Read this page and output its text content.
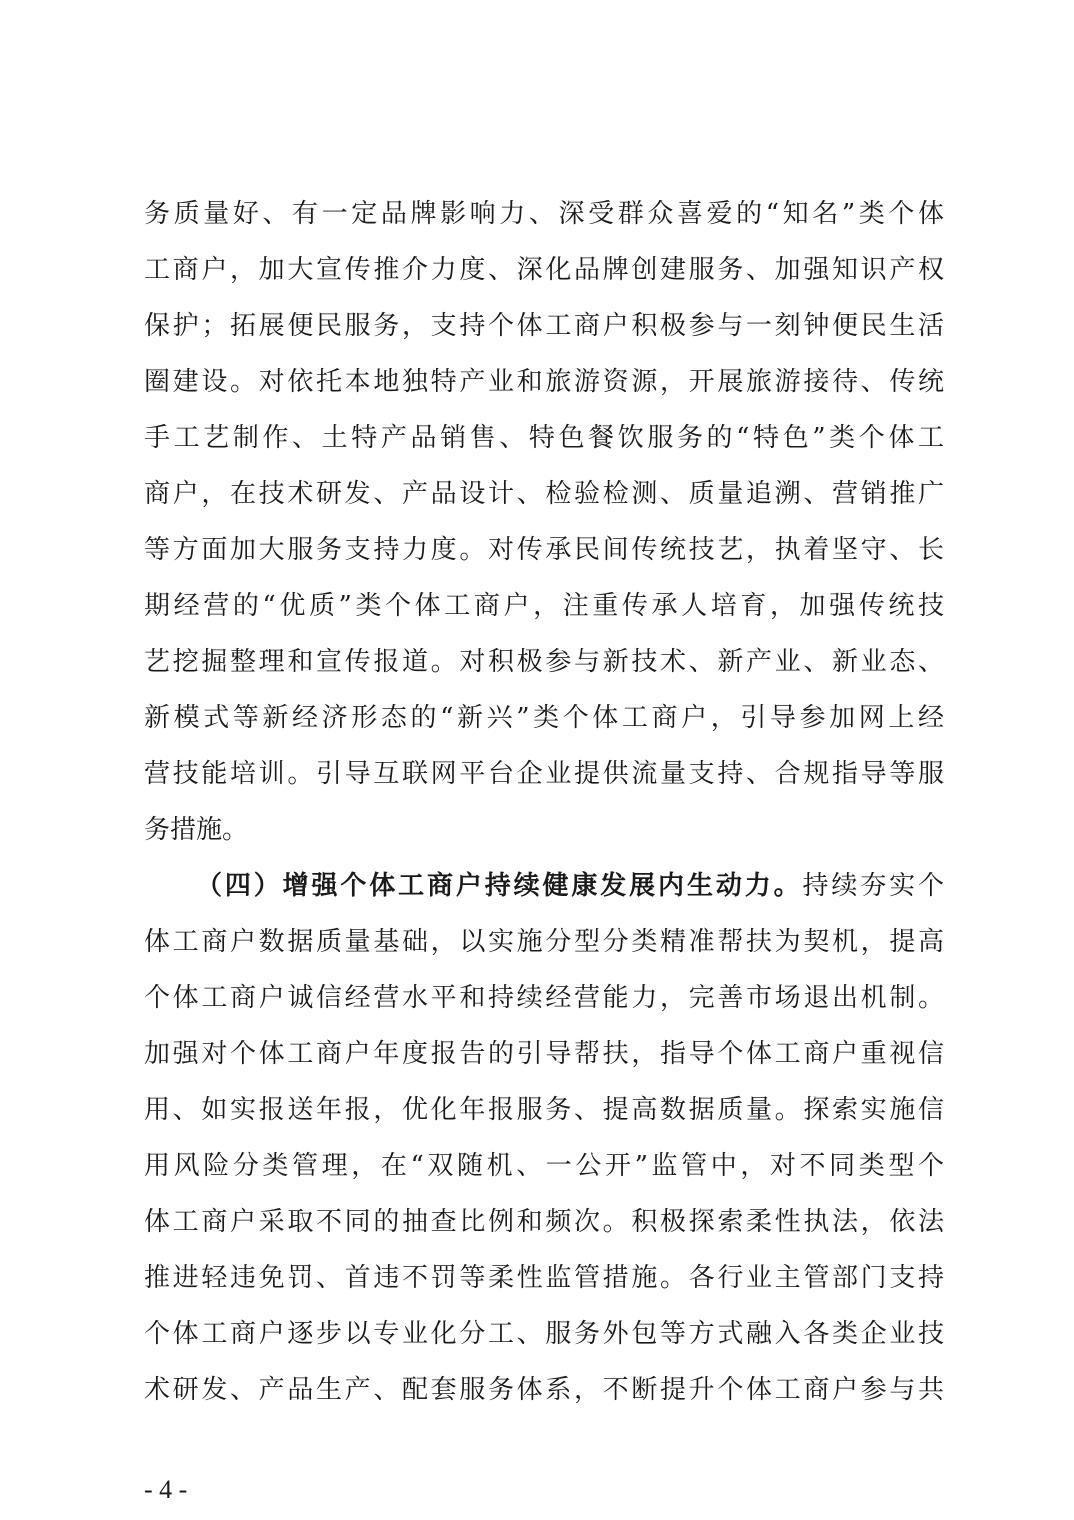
务质量好、有一定品牌影响力、深受群众喜爱的“知名”类个体
工商户，加大宣传推介力度、深化品牌创建服务、加强知识产权
保护；拓展便民服务，支持个体工商户积极参与一刻钟便民生活
圈建设。对依托本地独特产业和旅游资源，开展旅游接待、传统
手工艺制作、土特产品销售、特色餐饮服务的“特色”类个体工
商户，在技术研发、产品设计、检验检测、质量追溯、营销推广
等方面加大服务支持力度。对传承民间传统技艺，执着坚守、长
期经营的“优质”类个体工商户，注重传承人培育，加强传统技
艺挖掘整理和宣传报道。对积极参与新技术、新产业、新业态、
新模式等新经济形态的“新兴”类个体工商户，引导参加网上经
营技能培训。引导互联网平台企业提供流量支持、合规指导等服
务措施。
（四）增强个体工商户持续健康发展内生动力。持续夯实个
体工商户数据质量基础，以实施分型分类精准帮扶为契机，提高
个体工商户诚信经营水平和持续经营能力，完善市场退出机制。
加强对个体工商户年度报告的引导帮扶，指导个体工商户重视信
用、如实报送年报，优化年报服务、提高数据质量。探索实施信
用风险分类管理，在“双随机、一公开”监管中，对不同类型个
体工商户采取不同的抽查比例和频次。积极探索柔性执法，依法
推进轻违免罚、首违不罚等柔性监管措施。各行业主管部门支持
个体工商户逐步以专业化分工、服务外包等方式融入各类企业技
术研发、产品生产、配套服务体系，不断提升个体工商户参与共
- 4 -
